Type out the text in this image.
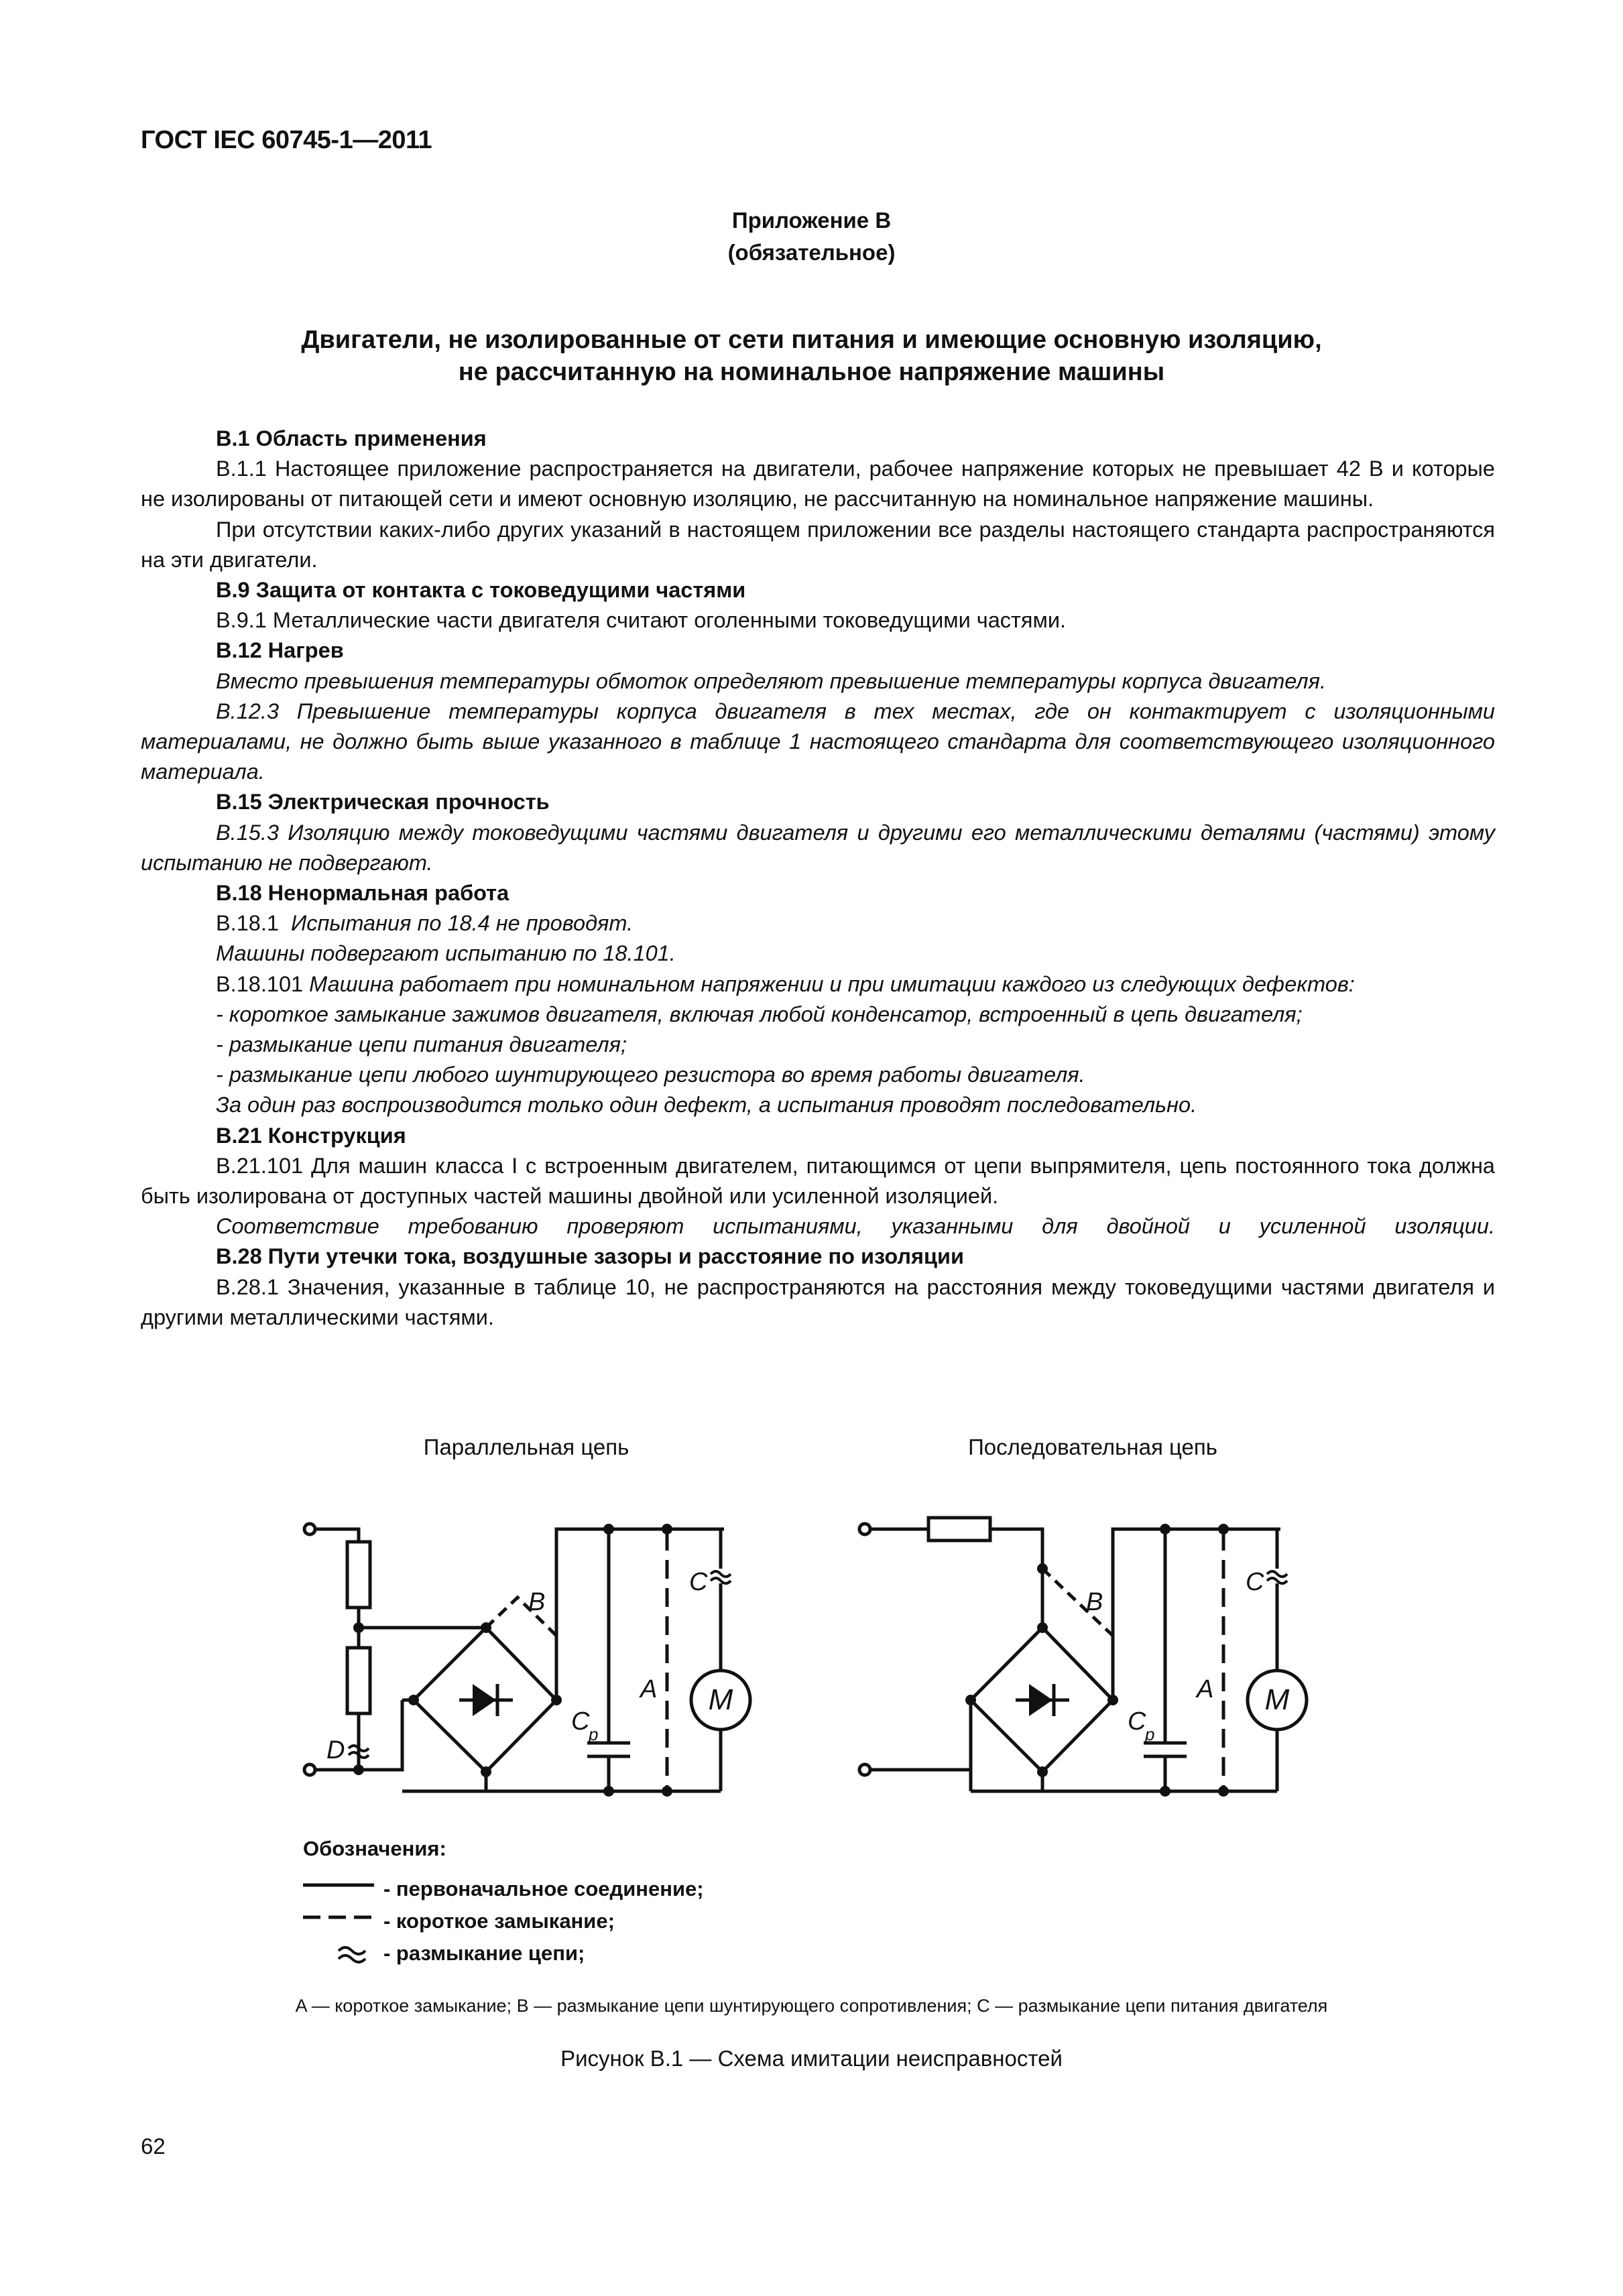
ГОСТ IEC 60745-1—2011
Приложение В
(обязательное)
Двигатели, не изолированные от сети питания и имеющие основную изоляцию,
не рассчитанную на номинальное напряжение машины

В.1 Область применения

В.1.1 Настоящее приложение распространяется на двигатели, рабочее напряжение которых не превышает 42 В и которые не изолированы от питающей сети и имеют основную изоляцию, не рассчитанную на номинальное напряжение машины.

При отсутствии каких-либо других указаний в настоящем приложении все разделы настоящего стандарта распространяются на эти двигатели.

В.9 Защита от контакта с токоведущими частями

В.9.1 Металлические части двигателя считают оголенными токоведущими частями.

В.12 Нагрев

Вместо превышения температуры обмоток определяют превышение температуры корпуса двигателя.

В.12.3 Превышение температуры корпуса двигателя в тех местах, где он контактирует с изоляционными материалами, не должно быть выше указанного в таблице 1 настоящего стандарта для соответствующего изоляционного материала.

В.15 Электрическая прочность

В.15.3 Изоляцию между токоведущими частями двигателя и другими его металлическими деталями (частями) этому испытанию не подвергают.

В.18 Ненормальная работа

В.18.1 Испытания по 18.4 не проводят.

Машины подвергают испытанию по 18.101.

В.18.101 Машина работает при номинальном напряжении и при имитации каждого из следующих дефектов:

- короткое замыкание зажимов двигателя, включая любой конденсатор, встроенный в цепь двигателя;

- размыкание цепи питания двигателя;

- размыкание цепи любого шунтирующего резистора во время работы двигателя.

За один раз воспроизводится только один дефект, а испытания проводят последовательно.

В.21 Конструкция

В.21.101 Для машин класса I с встроенным двигателем, питающимся от цепи выпрямителя, цепь постоянного тока должна быть изолирована от доступных частей машины двойной или усиленной изоляцией.

Соответствие требованию проверяют испытаниями, указанными для двойной и усиленной изоляции.

В.28 Пути утечки тока, воздушные зазоры и расстояние по изоляции

В.28.1 Значения, указанные в таблице 10, не распространяются на расстояния между токоведущими частями двигателя и другими металлическими частями.

Параллельная цепь	Последовательная цепь
B
C
A
C
p
D
M
B
C
A
C
p
M
Обозначения:
- первоначальное соединение;
- короткое замыкание;
- размыкание цепи;
A — короткое замыкание; B — размыкание цепи шунтирующего сопротивления; C — размыкание цепи питания двигателя
Рисунок В.1 — Схема имитации неисправностей
62
